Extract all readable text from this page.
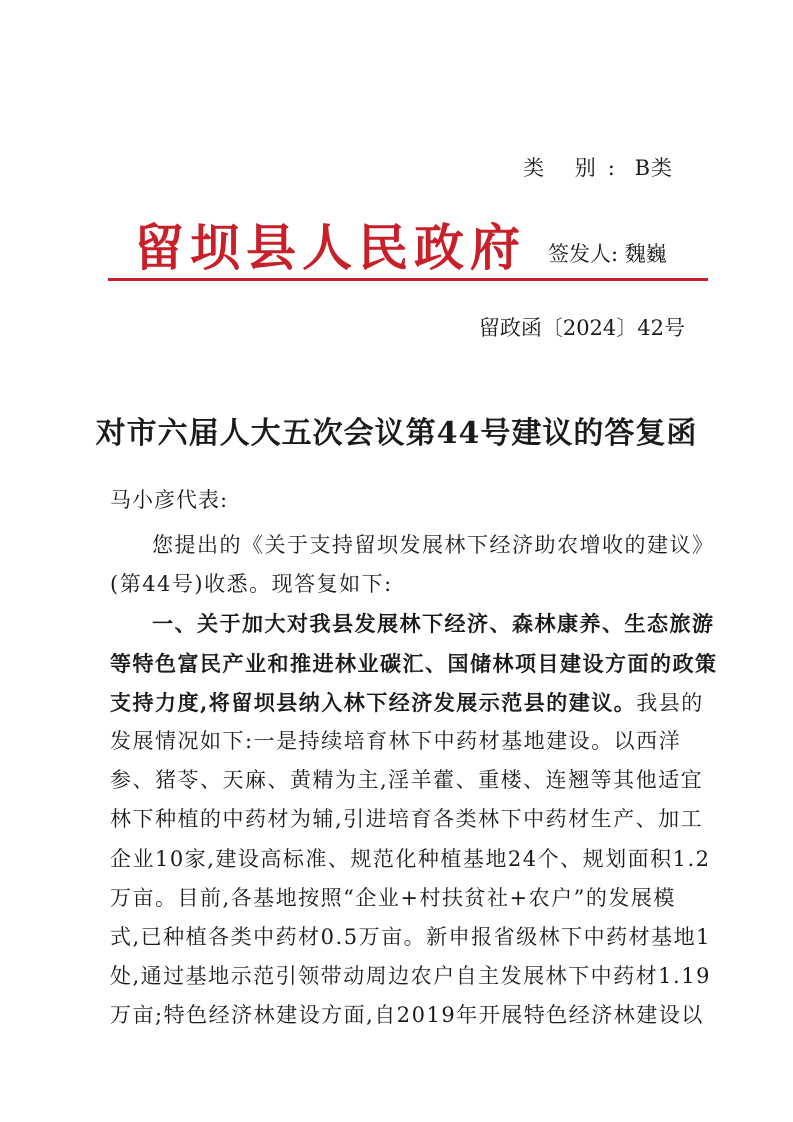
类 别: B类
留坝县人民政府 签发人: 魏巍
留政函〔2024〕42号
对市六届人大五次会议第44号建议的答复函
马小彦代表:
您提出的《关于支持留坝发展林下经济助农增收的建议》
(第44号)收悉。现答复如下:
一、关于加大对我县发展林下经济、森林康养、生态旅游
等特色富民产业和推进林业碳汇、国储林项目建设方面的政策
支持力度,将留坝县纳入林下经济发展示范县的建议。我县的
发展情况如下:一是持续培育林下中药材基地建设。以西洋
参、猪苓、天麻、黄精为主,淫羊藿、重楼、连翘等其他适宜
林下种植的中药材为辅,引进培育各类林下中药材生产、加工
企业10家,建设高标准、规范化种植基地24个、规划面积1.2
万亩。目前,各基地按照“企业+村扶贫社+农户”的发展模
式,已种植各类中药材0.5万亩。新申报省级林下中药材基地1
处,通过基地示范引领带动周边农户自主发展林下中药材1.19
万亩;特色经济林建设方面,自2019年开展特色经济林建设以
